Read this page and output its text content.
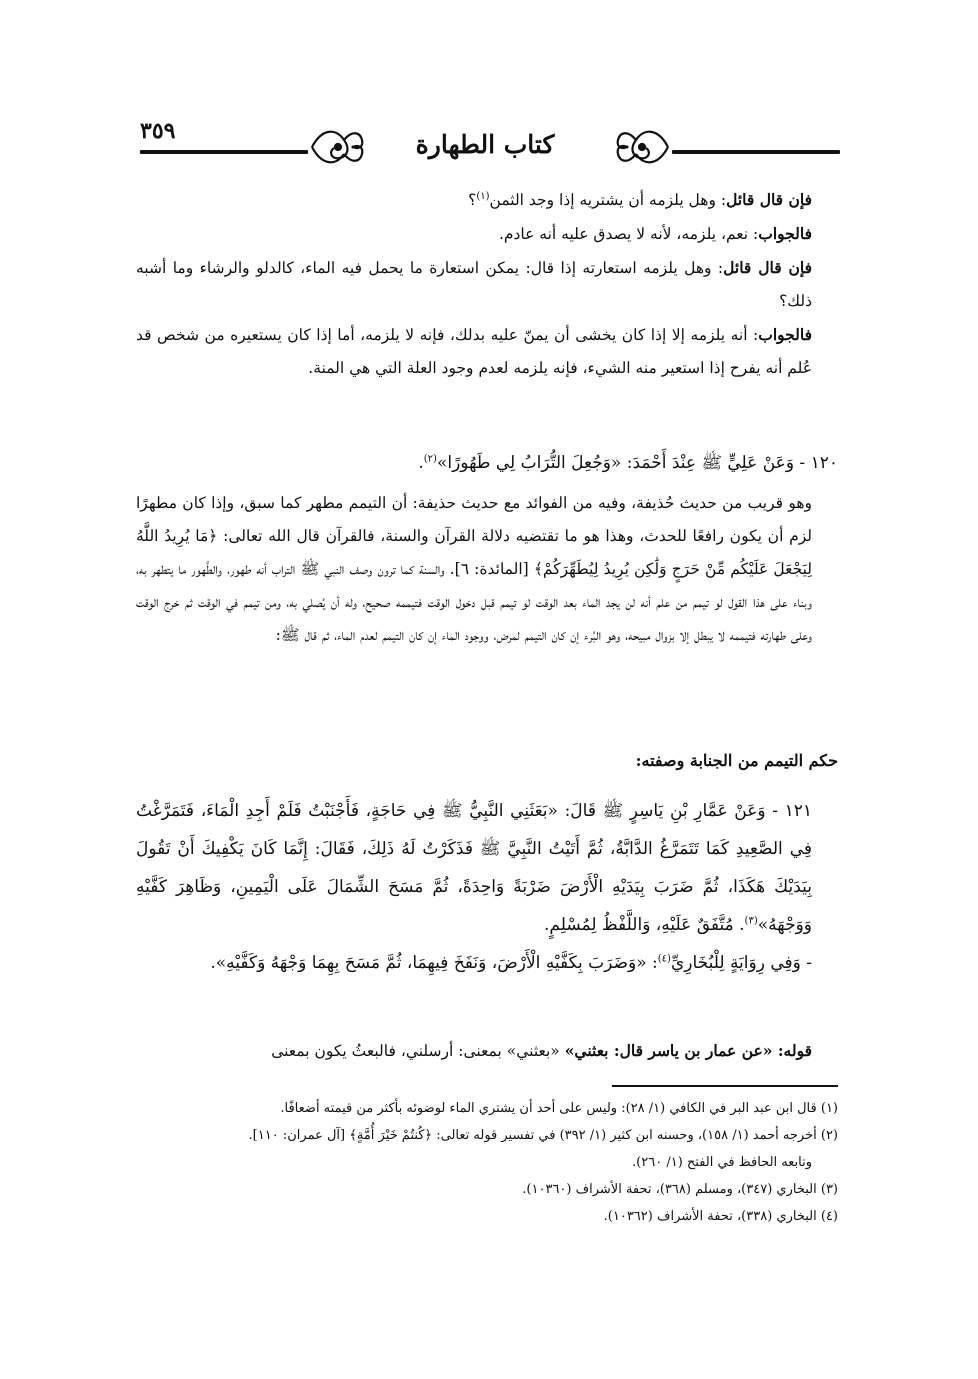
٣٥٩	كتاب الطهارة
فإن قال قائل: وهل يلزمه أن يشتريه إذا وجد الثمن$^{(١)}$؟
فالجواب: نعم، يلزمه، لأنه لا يصدق عليه أنه عادم.
فإن قال قائل: وهل يلزمه استعارته إذا قال: يمكن استعارة ما يحمل فيه الماء، كالدلو والرشاء وما أشبه ذلك؟
فالجواب: أنه يلزمه إلا إذا كان يخشى أن يمنّ عليه بدلك، فإنه لا يلزمه، أما إذا كان يستعيره من شخص قد عُلم أنه يفرح إذا استعير منه الشيء، فإنه يلزمه لعدم وجود العلة التي هي المنة.
١٢٠ - وَعَنْ عَلِيٍّ ﷺ عِنْدَ أَحْمَدَ: «وَجُعِلَ التُّرَابُ لِي طَهُورًا»$^{(٢)}$.
وهو قريب من حديث حُذيفة، وفيه من الفوائد مع حديث حذيفة: أن التيمم مطهر كما سبق، وإذا كان مطهرًا لزم أن يكون رافعًا للحدث، وهذا هو ما تقتضيه دلالة القرآن والسنة، فالقرآن قال الله تعالى: ﴿مَا يُرِيدُ اللَّهُ لِيَجْعَلَ عَلَيْكُم مِّنْ حَرَجٍ وَلَٰكِن يُرِيدُ لِيُطَهِّرَكُمْ﴾ [المائدة: ٦]. والسنة كما ترون وصف النبي ﷺ التراب أنه طهور، والطَّهور ما يتطهر به، وبناء على هذا القول لو تيمم من علم أنه لن يجد الماء بعد الوقت لو تيمم قبل دخول الوقت فتيممه صحيح، وله أن يُصلي به، ومن تيمم في الوقت ثم خرج الوقت وعلى طهارته فتيممه لا يبطل إلا بزوال مبيحه، وهو البُرء إن كان التيمم لمرض، ووجود الماء إن كان التيمم لعدم الماء، ثم قال ﷺ:
حكم التيمم من الجنابة وصفته:
١٢١ - وَعَنْ عَمَّارِ بْنِ يَاسِرٍ ﷺ قَالَ: «بَعَثَنِي النَّبِيُّ ﷺ فِي حَاجَةٍ، فَأَجْنَبْتُ فَلَمْ أَجِدِ الْمَاءَ، فَتَمَرَّغْتُ فِي الصَّعِيدِ كَمَا تَتَمَرَّغُ الدَّابَّةُ، ثُمَّ أَتَيْتُ النَّبِيَّ ﷺ فَذَكَرْتُ لَهُ ذَلِكَ، فَقَالَ: إِنَّمَا كَانَ يَكْفِيكَ أَنْ تَقُولَ بِيَدَيْكَ هَكَذَا، ثُمَّ ضَرَبَ بِيَدَيْهِ الْأَرْضَ ضَرْبَةً وَاحِدَةً، ثُمَّ مَسَحَ الشِّمَالَ عَلَى الْيَمِينِ، وَظَاهِرَ كَفَّيْهِ وَوَجْهَهُ»$^{(٣)}$. مُتَّفَقٌ عَلَيْهِ، وَاللَّفْظُ لِمُسْلِمٍ.
- وَفِي رِوَايَةٍ لِلْبُخَارِيِّ$^{(٤)}$: «وَضَرَبَ بِكَفَّيْهِ الْأَرْضَ، وَنَفَخَ فِيهِمَا، ثُمَّ مَسَحَ بِهِمَا وَجْهَهُ وَكَفَّيْهِ».
قوله: «عن عمار بن ياسر قال: بعثني» «بعثني» بمعنى: أرسلني، فالبعثُ يكون بمعنى
(١) قال ابن عبد البر في الكافي (١/ ٢٨): وليس على أحد أن يشتري الماء لوضوئه بأكثر من قيمته أضعافًا.
(٢) أخرجه أحمد (١/ ١٥٨)، وحسنه ابن كثير (١/ ٣٩٢) في تفسير قوله تعالى: ﴿كُنتُمْ خَيْرَ أُمَّةٍ﴾ [آل عمران: ١١٠].
وتابعه الحافظ في الفتح (١/ ٢٦٠).
(٣) البخاري (٣٤٧)، ومسلم (٣٦٨)، تحفة الأشراف (١٠٣٦٠).
(٤) البخاري (٣٣٨)، تحفة الأشراف (١٠٣٦٢).
